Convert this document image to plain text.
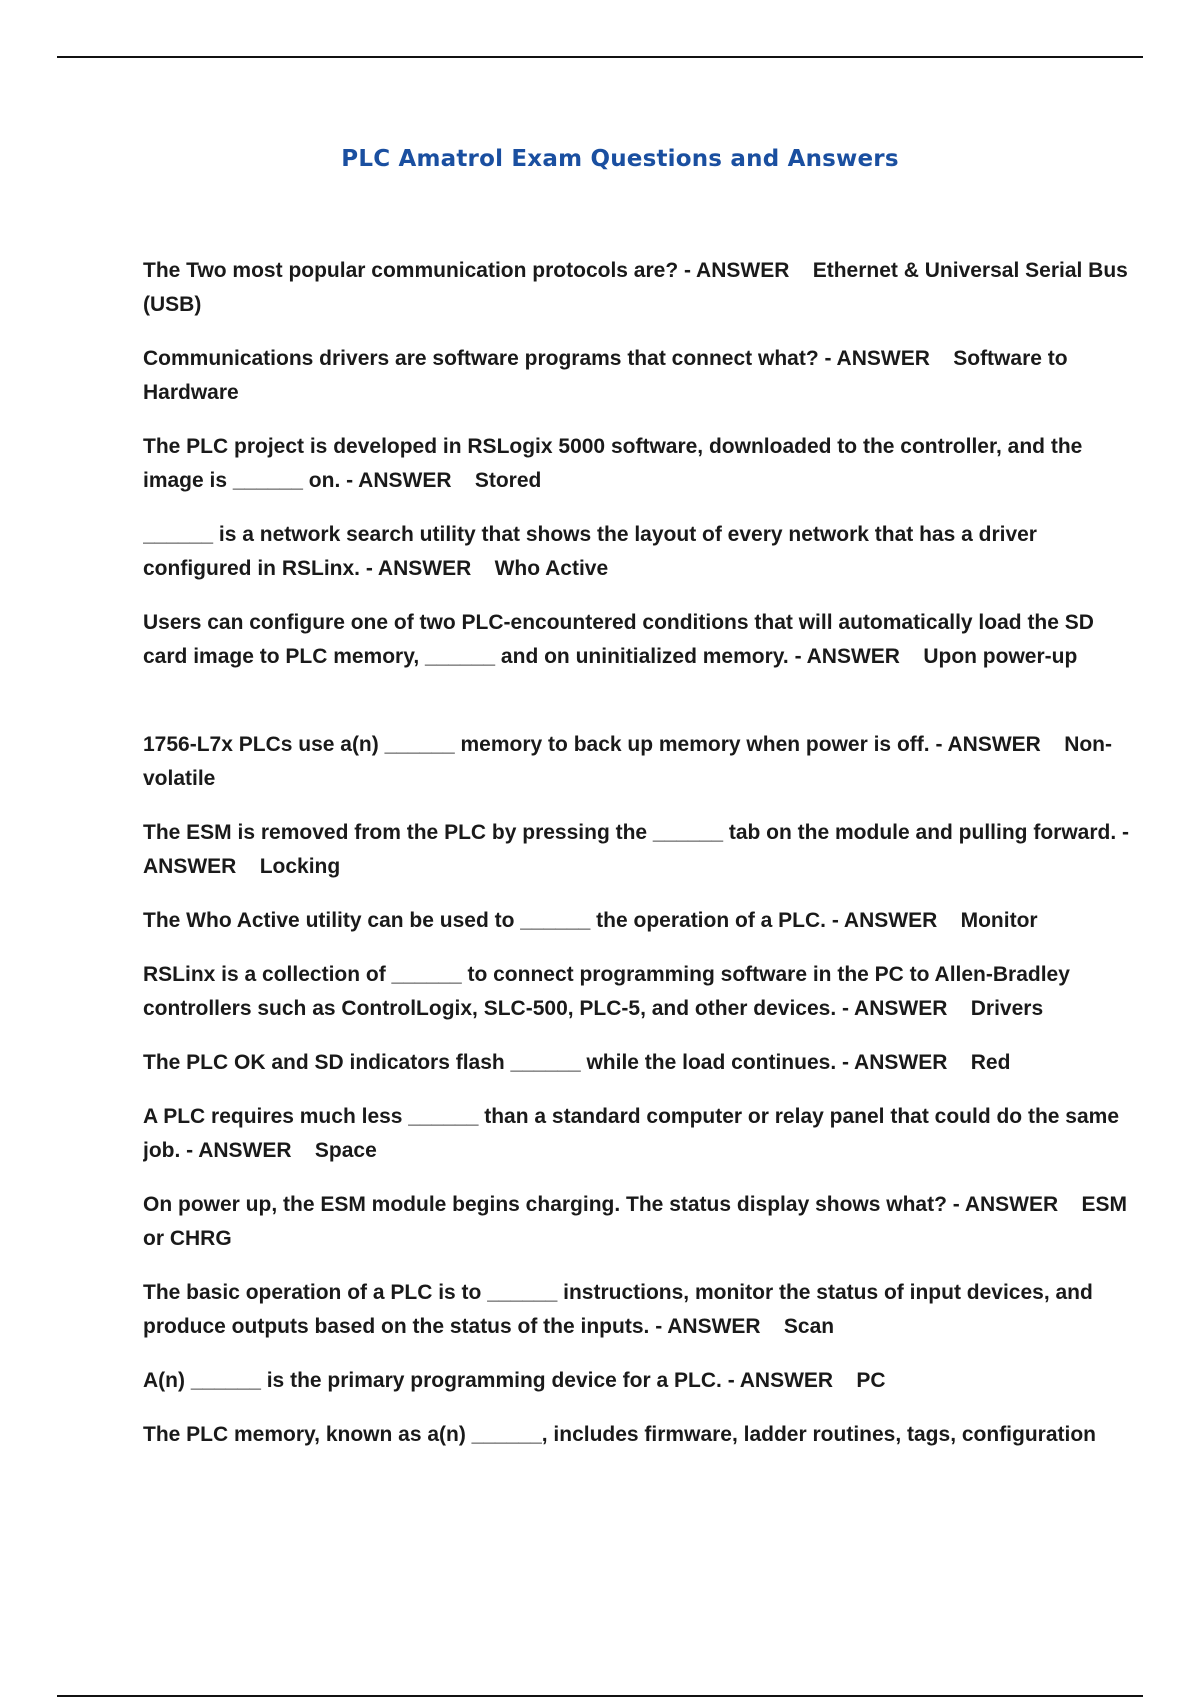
PLC Amatrol Exam Questions and Answers
The Two most popular communication protocols are? - ANSWER Ethernet & Universal Serial Bus (USB)
Communications drivers are software programs that connect what? - ANSWER Software to Hardware
The PLC project is developed in RSLogix 5000 software, downloaded to the controller, and the image is ______ on. - ANSWER Stored
______ is a network search utility that shows the layout of every network that has a driver configured in RSLinx. - ANSWER Who Active
Users can configure one of two PLC-encountered conditions that will automatically load the SD card image to PLC memory, ______ and on uninitialized memory. - ANSWER Upon power-up
1756-L7x PLCs use a(n) ______ memory to back up memory when power is off. - ANSWER Non-volatile
The ESM is removed from the PLC by pressing the ______ tab on the module and pulling forward. - ANSWER Locking
The Who Active utility can be used to ______ the operation of a PLC. - ANSWER Monitor
RSLinx is a collection of ______ to connect programming software in the PC to Allen-Bradley controllers such as ControlLogix, SLC-500, PLC-5, and other devices. - ANSWER Drivers
The PLC OK and SD indicators flash ______ while the load continues. - ANSWER Red
A PLC requires much less ______ than a standard computer or relay panel that could do the same job. - ANSWER Space
On power up, the ESM module begins charging. The status display shows what? - ANSWER ESM or CHRG
The basic operation of a PLC is to ______ instructions, monitor the status of input devices, and produce outputs based on the status of the inputs. - ANSWER Scan
A(n) ______ is the primary programming device for a PLC. - ANSWER PC
The PLC memory, known as a(n) ______, includes firmware, ladder routines, tags, configuration
